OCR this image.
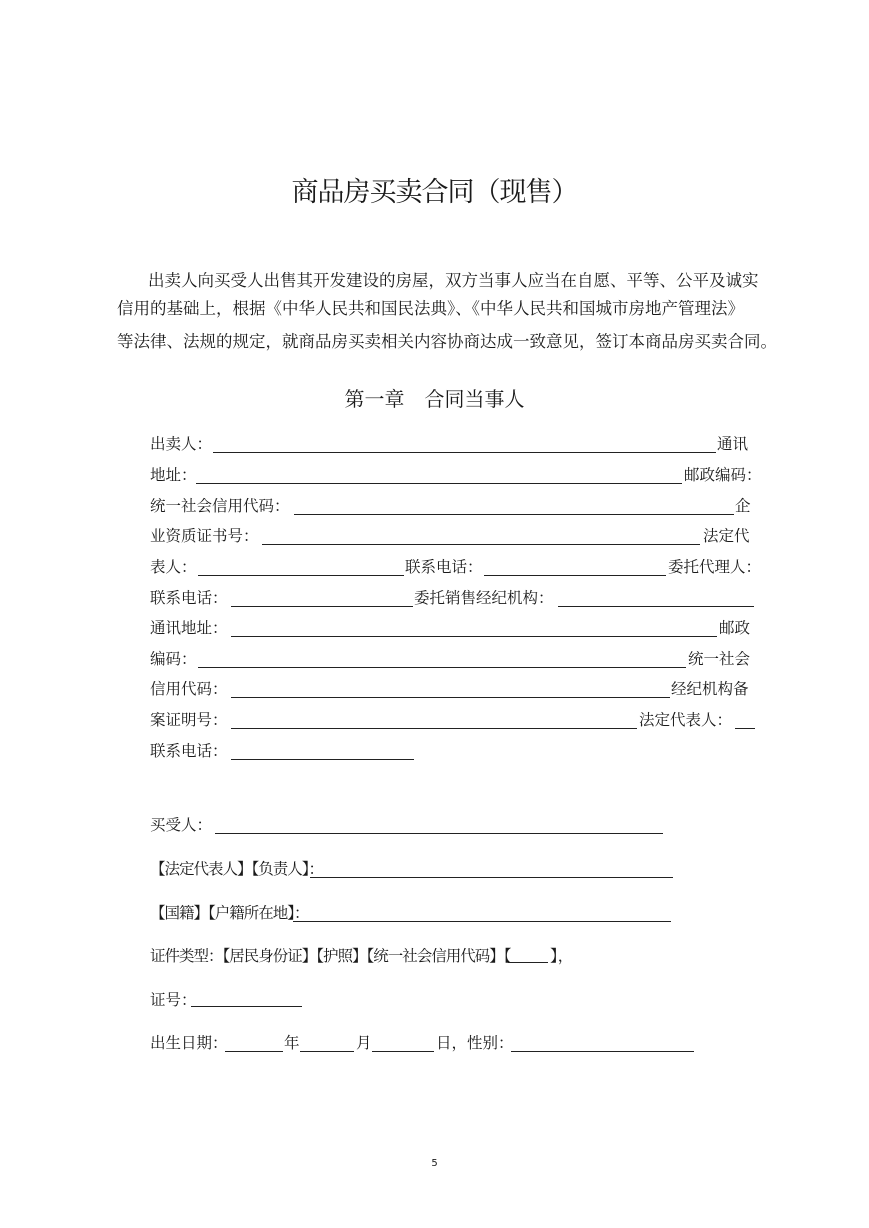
商品房买卖合同（现售）
出卖人向买受人出售其开发建设的房屋，双方当事人应当在自愿、平等、公平及诚实
信用的基础上，根据《中华人民共和国民法典》、《中华人民共和国城市房地产管理法》
等法律、法规的规定，就商品房买卖相关内容协商达成一致意见，签订本商品房买卖合同。
第一章　合同当事人
出卖人：	通讯
地址：	邮政编码：
统一社会信用代码：	企
业资质证书号：	法定代
表人：	联系电话：	委托代理人：
联系电话：	委托销售经纪机构：
通讯地址：	邮政
编码：	统一社会
信用代码：	经纪机构备
案证明号：	法定代表人：
联系电话：
买受人：
【法定代表人】【负责人】：
【国籍】【户籍所在地】：
证件类型：【居民身份证】【护照】【统一社会信用代码】【	】，
证号：
出生日期：	年	月	日，性别：
5
